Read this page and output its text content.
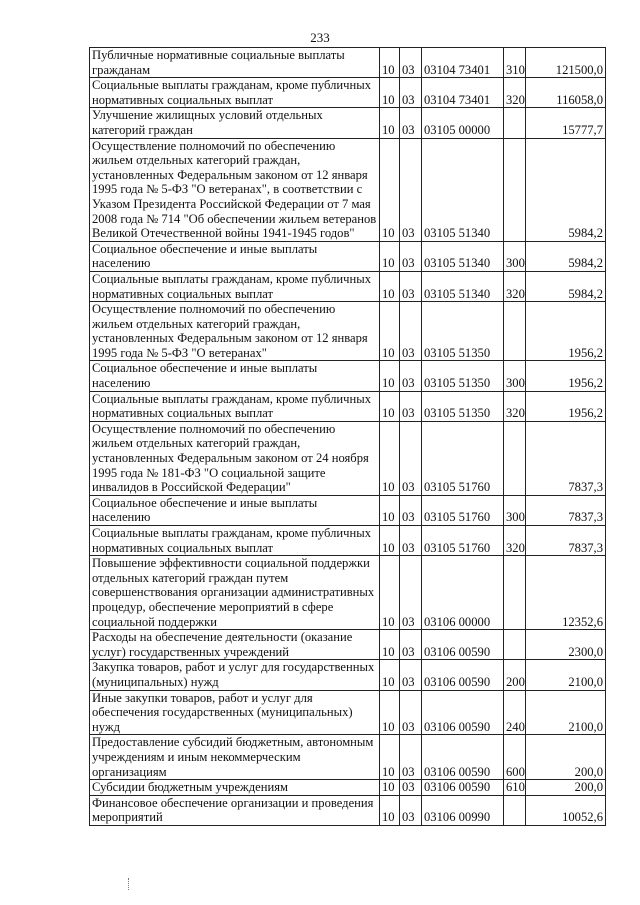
233
Публичные нормативные социальные выплаты гражданам	10	03	03104 73401	310	121500,0
Социальные выплаты гражданам, кроме публичных нормативных социальных выплат	10	03	03104 73401	320	116058,0
Улучшение жилищных условий отдельных категорий граждан	10	03	03105 00000		15777,7
Осуществление полномочий по обеспечению жильем отдельных категорий граждан, установленных Федеральным законом от 12 января 1995 года № 5-ФЗ "О ветеранах", в соответствии с Указом Президента Российской Федерации от 7 мая 2008 года № 714 "Об обеспечении жильем ветеранов Великой Отечественной войны 1941-1945 годов"	10	03	03105 51340		5984,2
Социальное обеспечение и иные выплаты населению	10	03	03105 51340	300	5984,2
Социальные выплаты гражданам, кроме публичных нормативных социальных выплат	10	03	03105 51340	320	5984,2
Осуществление полномочий по обеспечению жильем отдельных категорий граждан, установленных Федеральным законом от 12 января 1995 года № 5-ФЗ "О ветеранах"	10	03	03105 51350		1956,2
Социальное обеспечение и иные выплаты населению	10	03	03105 51350	300	1956,2
Социальные выплаты гражданам, кроме публичных нормативных социальных выплат	10	03	03105 51350	320	1956,2
Осуществление полномочий по обеспечению жильем отдельных категорий граждан, установленных Федеральным законом от 24 ноября 1995 года № 181-ФЗ "О социальной защите инвалидов в Российской Федерации"	10	03	03105 51760		7837,3
Социальное обеспечение и иные выплаты населению	10	03	03105 51760	300	7837,3
Социальные выплаты гражданам, кроме публичных нормативных социальных выплат	10	03	03105 51760	320	7837,3
Повышение эффективности социальной поддержки отдельных категорий граждан путем совершенствования организации административных процедур, обеспечение мероприятий в сфере социальной поддержки	10	03	03106 00000		12352,6
Расходы на обеспечение деятельности (оказание услуг) государственных учреждений	10	03	03106 00590		2300,0
Закупка товаров, работ и услуг для государственных (муниципальных) нужд	10	03	03106 00590	200	2100,0
Иные закупки товаров, работ и услуг для обеспечения государственных (муниципальных) нужд	10	03	03106 00590	240	2100,0
Предоставление субсидий бюджетным, автономным учреждениям и иным некоммерческим организациям	10	03	03106 00590	600	200,0
Субсидии бюджетным учреждениям	10	03	03106 00590	610	200,0
Финансовое обеспечение организации и проведения мероприятий	10	03	03106 00990		10052,6
